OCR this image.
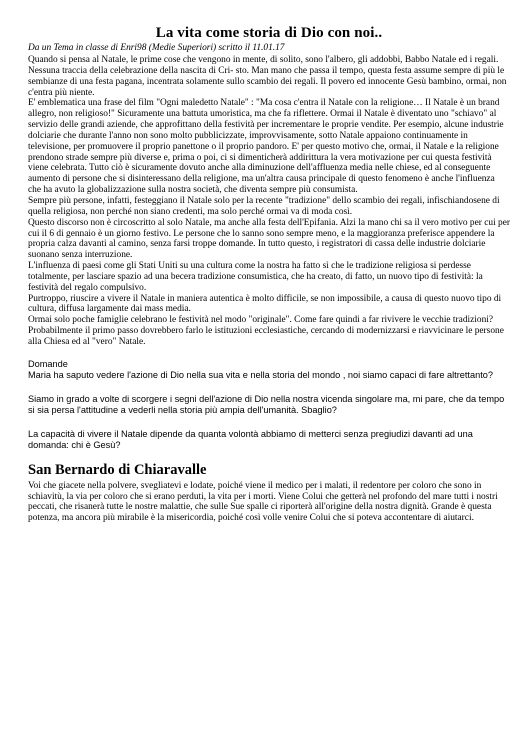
La vita come storia di Dio con noi..

Da un Tema in classe di Enri98 (Medie Superiori) scritto il 11.01.17

Quando si pensa al Natale, le prime cose che vengono in mente, di solito, sono l'albero, gli addobbi, Babbo Natale ed i regali. Nessuna traccia della celebrazione della nascita di Cri- sto. Man mano che passa il tempo, questa festa assume sempre di più le sembianze di una festa pagana, incentrata solamente sullo scambio dei regali. Il povero ed innocente Gesù bambino, ormai, non c'entra più niente.

E' emblematica una frase del film "Ogni maledetto Natale" : "Ma cosa c'entra il Natale con la religione… Il Natale è un brand allegro, non religioso!" Sicuramente una battuta umoristica, ma che fa riflettere. Ormai il Natale è diventato uno "schiavo" al servizio delle grandi aziende, che approfittano della festività per incrementare le proprie vendite. Per esempio, alcune industrie dolciarie che durante l'anno non sono molto pubblicizzate, improvvisamente, sotto Natale appaiono continuamente in televisione, per promuovere il proprio panettone o il proprio pandoro. E' per questo motivo che, ormai, il Natale e la religione prendono strade sempre più diverse e, prima o poi, ci si dimenticherà addirittura la vera motivazione per cui questa festività viene celebrata. Tutto ciò è sicuramente dovuto anche alla diminuzione dell'affluenza media nelle chiese, ed al conseguente aumento di persone che si disinteressano della religione, ma un'altra causa principale di questo fenomeno è anche l'influenza che ha avuto la globalizzazione sulla nostra società, che diventa sempre più consumista.

Sempre più persone, infatti, festeggiano il Natale solo per la recente "tradizione" dello scambio dei regali, infischiandosene di quella religiosa, non perché non siano credenti, ma solo perché ormai va di moda così.

Questo discorso non è circoscritto al solo Natale, ma anche alla festa dell'Epifania. Alzi la mano chi sa il vero motivo per cui per cui il 6 di gennaio è un giorno festivo. Le persone che lo sanno sono sempre meno, e la maggioranza preferisce appendere la propria calza davanti al camino, senza farsi troppe domande. In tutto questo, i registratori di cassa delle industrie dolciarie suonano senza interruzione.

L'influenza di paesi come gli Stati Uniti su una cultura come la nostra ha fatto sì che le tradizione religiosa si perdesse totalmente, per lasciare spazio ad una becera tradizione consumistica, che ha creato, di fatto, un nuovo tipo di festività: la festività del regalo compulsivo.

Purtroppo, riuscire a vivere il Natale in maniera autentica è molto difficile, se non impossibile, a causa di questo nuovo tipo di cultura, diffusa largamente dai mass media.

Ormai solo poche famiglie celebrano le festività nel modo "originale". Come fare quindi a far rivivere le vecchie tradizioni? Probabilmente il primo passo dovrebbero farlo le istituzioni ecclesiastiche, cercando di modernizzarsi e riavvicinare le persone alla Chiesa ed al "vero" Natale.

Domande

Maria ha saputo vedere l'azione di Dio nella sua vita e nella storia del mondo , noi siamo capaci di fare altrettanto?

Siamo in grado a volte di scorgere i segni dell'azione di Dio nella nostra vicenda singolare ma, mi pare, che da tempo si sia persa l'attitudine a vederli nella storia più ampia dell'umanità. Sbaglio?

La capacità di vivere il Natale dipende da quanta volontà abbiamo di metterci senza pregiudizi davanti ad una domanda: chi è Gesù?

San Bernardo di Chiaravalle

Voi che giacete nella polvere, svegliatevi e lodate, poiché viene il medico per i malati, il redentore per coloro che sono in schiavitù, la via per coloro che si erano perduti, la vita per i morti. Viene Colui che getterà nel profondo del mare tutti i nostri peccati, che risanerà tutte le nostre malattie, che sulle Sue spalle ci riporterà all'origine della nostra dignità. Grande è questa potenza, ma ancora più mirabile è la misericordia, poiché così volle venire Colui che si poteva accontentare di aiutarci.
